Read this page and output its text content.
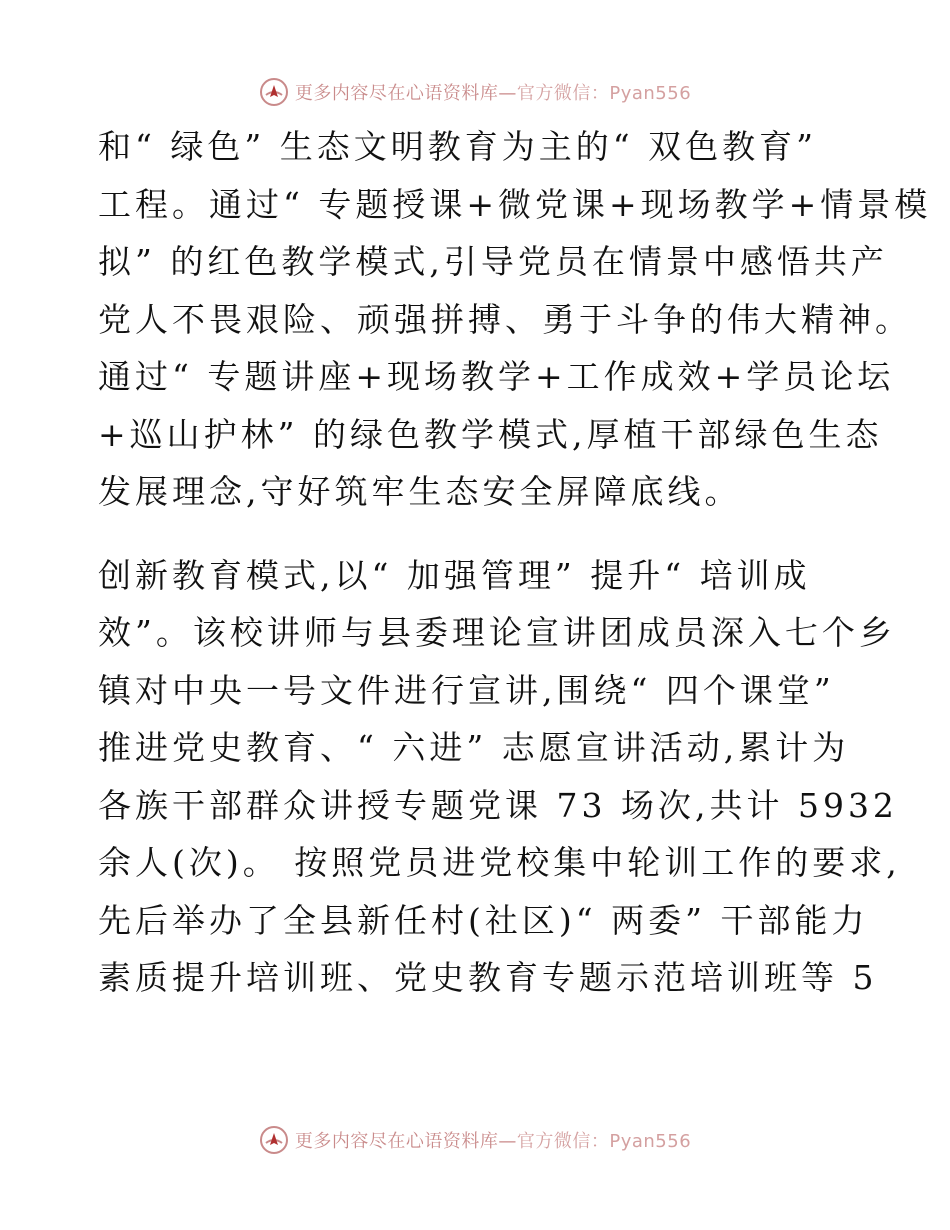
更多内容尽在心语资料库—官方微信：Pyan556
和“ 绿色” 生态文明教育为主的“ 双色教育”
工程。通过“ 专题授课+微党课+现场教学+情景模
拟” 的红色教学模式,引导党员在情景中感悟共产
党人不畏艰险、顽强拼搏、勇于斗争的伟大精神。
通过“ 专题讲座+现场教学+工作成效+学员论坛
+巡山护林” 的绿色教学模式,厚植干部绿色生态
发展理念,守好筑牢生态安全屏障底线。
创新教育模式,以“ 加强管理” 提升“ 培训成
效”。该校讲师与县委理论宣讲团成员深入七个乡
镇对中央一号文件进行宣讲,围绕“ 四个课堂”
推进党史教育、“ 六进” 志愿宣讲活动,累计为
各族干部群众讲授专题党课 73 场次,共计 5932
余人(次)。 按照党员进党校集中轮训工作的要求,
先后举办了全县新任村(社区)“ 两委” 干部能力
素质提升培训班、党史教育专题示范培训班等 5
更多内容尽在心语资料库—官方微信：Pyan556
